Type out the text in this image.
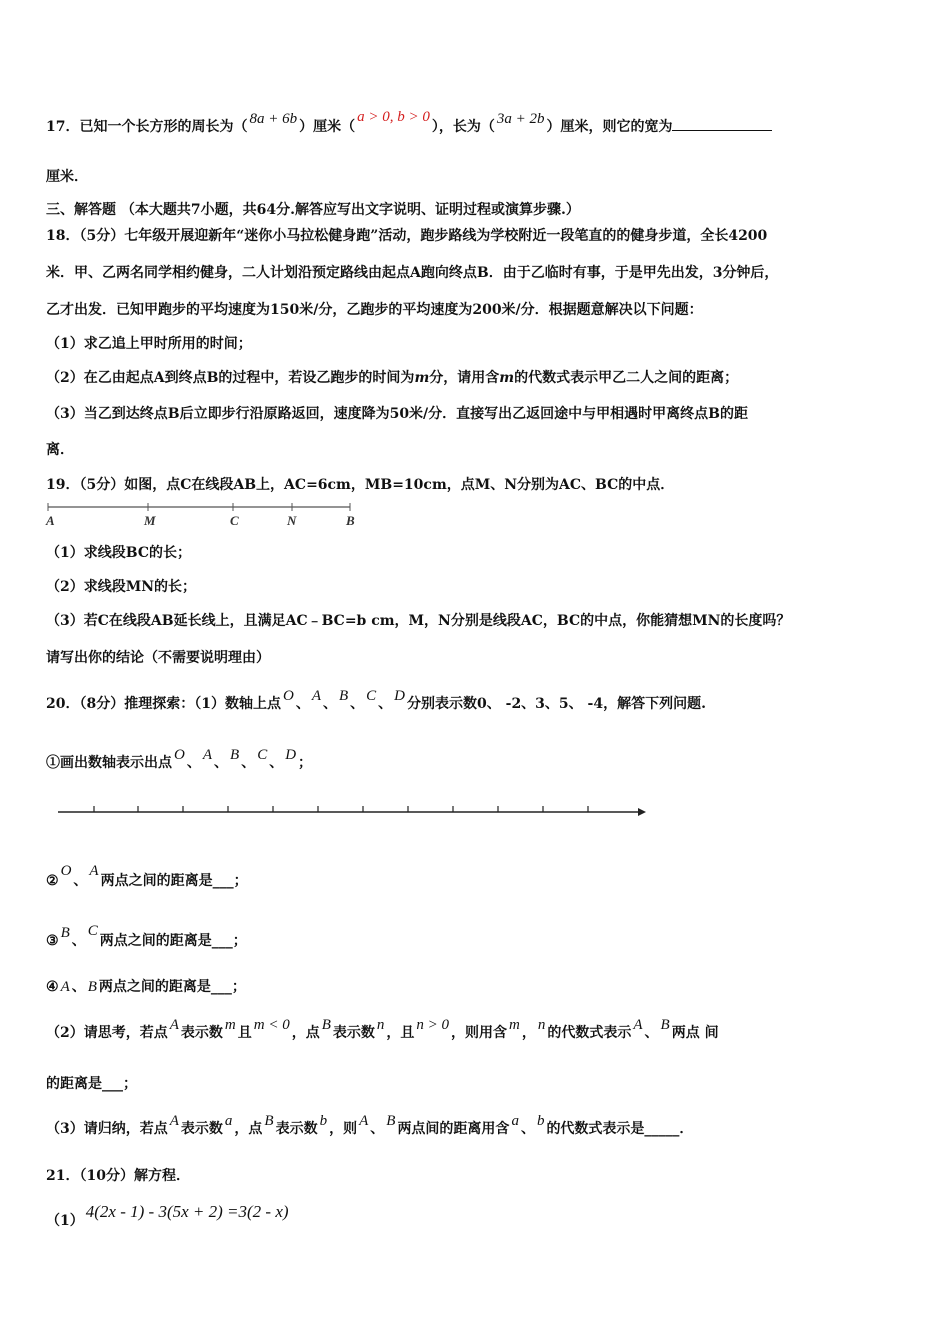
17．已知一个长方形的周长为（ 8a + 6b ）厘米（a > 0, b > 0），长为（ 3a + 2b ）厘米，则它的宽为
厘米．
三、解答题 （本大题共7小题，共64分.解答应写出文字说明、证明过程或演算步骤.）
18．（5分）七年级开展迎新年“迷你小马拉松健身跑”活动，跑步路线为学校附近一段笔直的的健身步道，全长4200
米．甲、乙两名同学相约健身，二人计划沿预定路线由起点A跑向终点B．由于乙临时有事，于是甲先出发，3分钟后，
乙才出发．已知甲跑步的平均速度为150米/分，乙跑步的平均速度为200米/分．根据题意解决以下问题：
（1）求乙追上甲时所用的时间；
（2）在乙由起点A到终点B的过程中，若设乙跑步的时间为m分，请用含m的代数式表示甲乙二人之间的距离；
（3）当乙到达终点B后立即步行沿原路返回，速度降为50米/分．直接写出乙返回途中与甲相遇时甲离终点B的距
离．
19．（5分）如图，点C在线段AB上，AC=6cm，MB=10cm，点M、N分别为AC、BC的中点．
A	M	C	N	B
（1）求线段BC的长；
（2）求线段MN的长；
（3）若C在线段AB延长线上，且满足AC﹣BC=b cm，M，N分别是线段AC，BC的中点，你能猜想MN的长度吗？
请写出你的结论（不需要说明理由）
20．（8分）推理探索：（1）数轴上点 O 、 A 、 B 、 C 、 D 分别表示数0、 -2、3、5、 -4，解答下列问题.
①画出数轴表示出点 O 、 A 、 B 、 C 、 D ；
②O、A两点之间的距离是___；
③ B 、C两点之间的距离是___；
④ A 、 B 两点之间的距离是___；
（2）请思考，若点 A 表示数 m 且 m < 0 ，点 B 表示数 n ，且 n > 0 ，则用含 m ， n 的代数式表示 A 、 B 两点 间
的距离是___；
（3）请归纳，若点 A 表示数 a ，点 B 表示数 b ，则 A 、 B 两点间的距离用含 a 、 b 的代数式表示是_____．
21．（10分）解方程．
（1） 4(2x - 1) - 3(5x + 2) =3(2 - x)
